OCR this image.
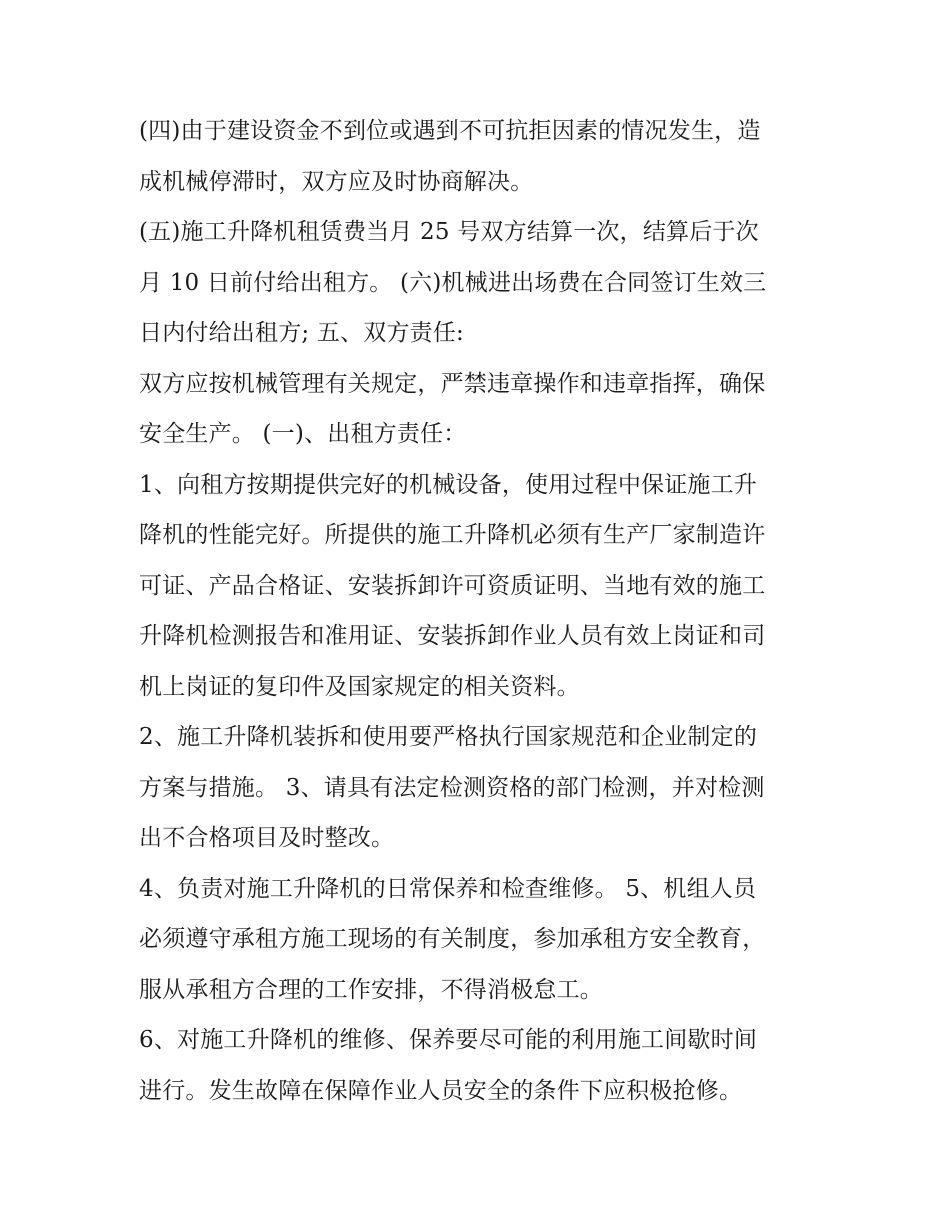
(四)由于建设资金不到位或遇到不可抗拒因素的情况发生，造
成机械停滞时，双方应及时协商解决。
(五)施工升降机租赁费当月 25 号双方结算一次，结算后于次
月 10 日前付给出租方。 (六)机械进出场费在合同签订生效三
日内付给出租方; 五、双方责任:
双方应按机械管理有关规定，严禁违章操作和违章指挥，确保
安全生产。 (一)、出租方责任：
1、向租方按期提供完好的机械设备，使用过程中保证施工升
降机的性能完好。所提供的施工升降机必须有生产厂家制造许
可证、产品合格证、安装拆卸许可资质证明、当地有效的施工
升降机检测报告和准用证、安装拆卸作业人员有效上岗证和司
机上岗证的复印件及国家规定的相关资料。
2、施工升降机装拆和使用要严格执行国家规范和企业制定的
方案与措施。 3、请具有法定检测资格的部门检测，并对检测
出不合格项目及时整改。
4、负责对施工升降机的日常保养和检查维修。 5、机组人员
必须遵守承租方施工现场的有关制度，参加承租方安全教育，
服从承租方合理的工作安排，不得消极怠工。
6、对施工升降机的维修、保养要尽可能的利用施工间歇时间
进行。发生故障在保障作业人员安全的条件下应积极抢修。
